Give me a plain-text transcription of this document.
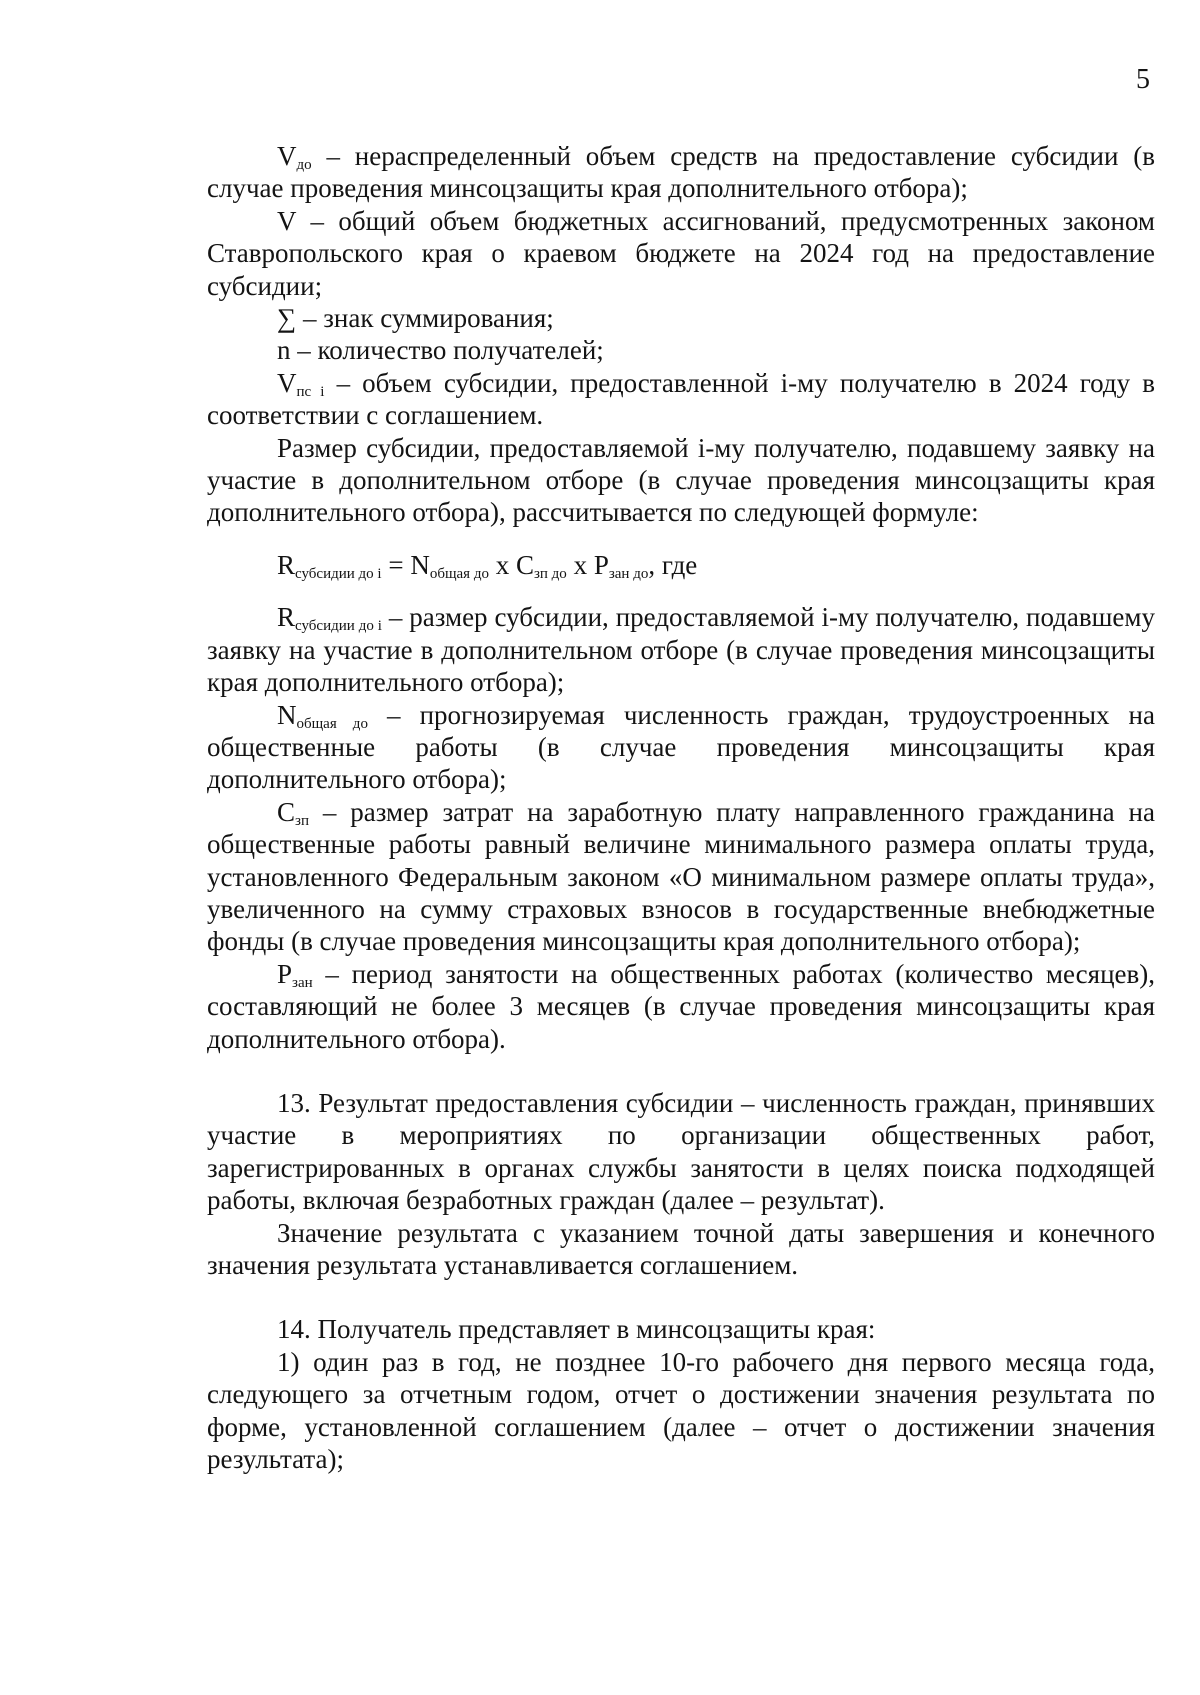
5

$V_{до}$ – нераспределенный объем средств на предоставление субсидии (в случае проведения минсоцзащиты края дополнительного отбора);

V – общий объем бюджетных ассигнований, предусмотренных законом Ставропольского края о краевом бюджете на 2024 год на предоставление субсидии;

∑ – знак суммирования;

n – количество получателей;

$V_{пс i}$ – объем субсидии, предоставленной i-му получателю в 2024 году в соответствии с соглашением.

Размер субсидии, предоставляемой i-му получателю, подавшему заявку на участие в дополнительном отборе (в случае проведения минсоцзащиты края дополнительного отбора), рассчитывается по следующей формуле:

$R_{субсидии до i} = N_{общая до}$ x $С_{зп до}$ x $P_{зан до}$, где

$R_{субсидии до i}$ – размер субсидии, предоставляемой i-му получателю, подавшему заявку на участие в дополнительном отборе (в случае проведения минсоцзащиты края дополнительного отбора);

$N_{общая до}$ – прогнозируемая численность граждан, трудоустроенных на общественные работы (в случае проведения минсоцзащиты края дополнительного отбора);

$С_{зп}$ – размер затрат на заработную плату направленного гражданина на общественные работы равный величине минимального размера оплаты труда, установленного Федеральным законом «О минимальном размере оплаты труда», увеличенного на сумму страховых взносов в государственные внебюджетные фонды (в случае проведения минсоцзащиты края дополнительного отбора);

$P_{зан}$ – период занятости на общественных работах (количество месяцев), составляющий не более 3 месяцев (в случае проведения минсоцзащиты края дополнительного отбора).

13. Результат предоставления субсидии – численность граждан, принявших участие в мероприятиях по организации общественных работ, зарегистрированных в органах службы занятости в целях поиска подходящей работы, включая безработных граждан (далее – результат).

Значение результата с указанием точной даты завершения и конечного значения результата устанавливается соглашением.

14. Получатель представляет в минсоцзащиты края:

1) один раз в год, не позднее 10-го рабочего дня первого месяца года, следующего за отчетным годом, отчет о достижении значения результата по форме, установленной соглашением (далее – отчет о достижении значения результата);
